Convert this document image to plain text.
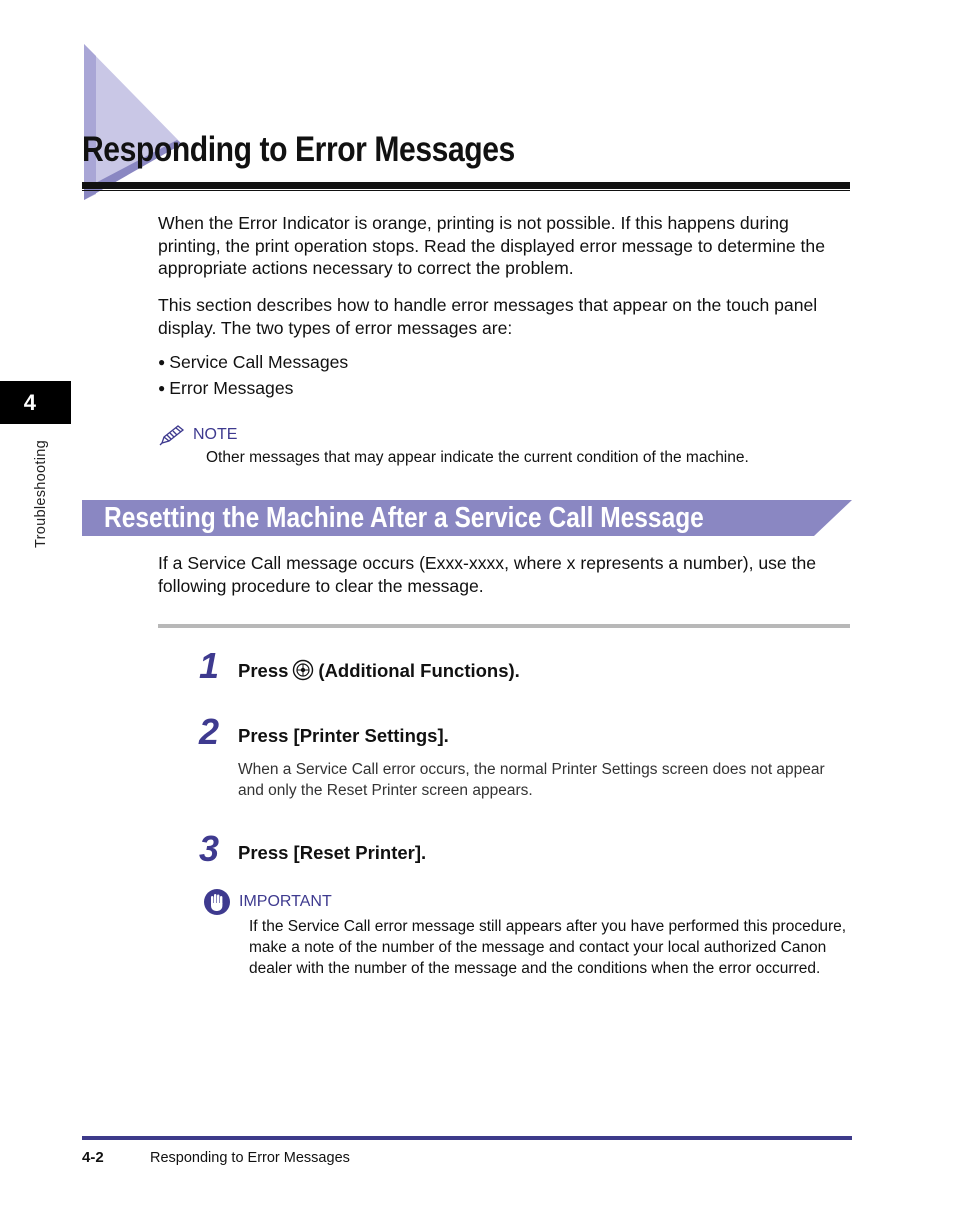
Responding to Error Messages

When the Error Indicator is orange, printing is not possible. If this happens during printing, the print operation stops. Read the displayed error message to determine the appropriate actions necessary to correct the problem.

This section describes how to handle error messages that appear on the touch panel display. The two types of error messages are:

● Service Call Messages
● Error Messages
NOTE
Other messages that may appear indicate the current condition of the machine.
4
Troubleshooting Resetting the Machine After a Service Call Message

If a Service Call message occurs (Exxx-xxxx, where x represents a number), use the following procedure to clear the message.

1 Press (Additional Functions).
2 Press [Printer Settings].

When a Service Call error occurs, the normal Printer Settings screen does not appear and only the Reset Printer screen appears.

3 Press [Reset Printer].
IMPORTANT

If the Service Call error message still appears after you have performed this procedure, make a note of the number of the message and contact your local authorized Canon dealer with the number of the message and the conditions when the error occurred.

4-2	Responding to Error Messages
